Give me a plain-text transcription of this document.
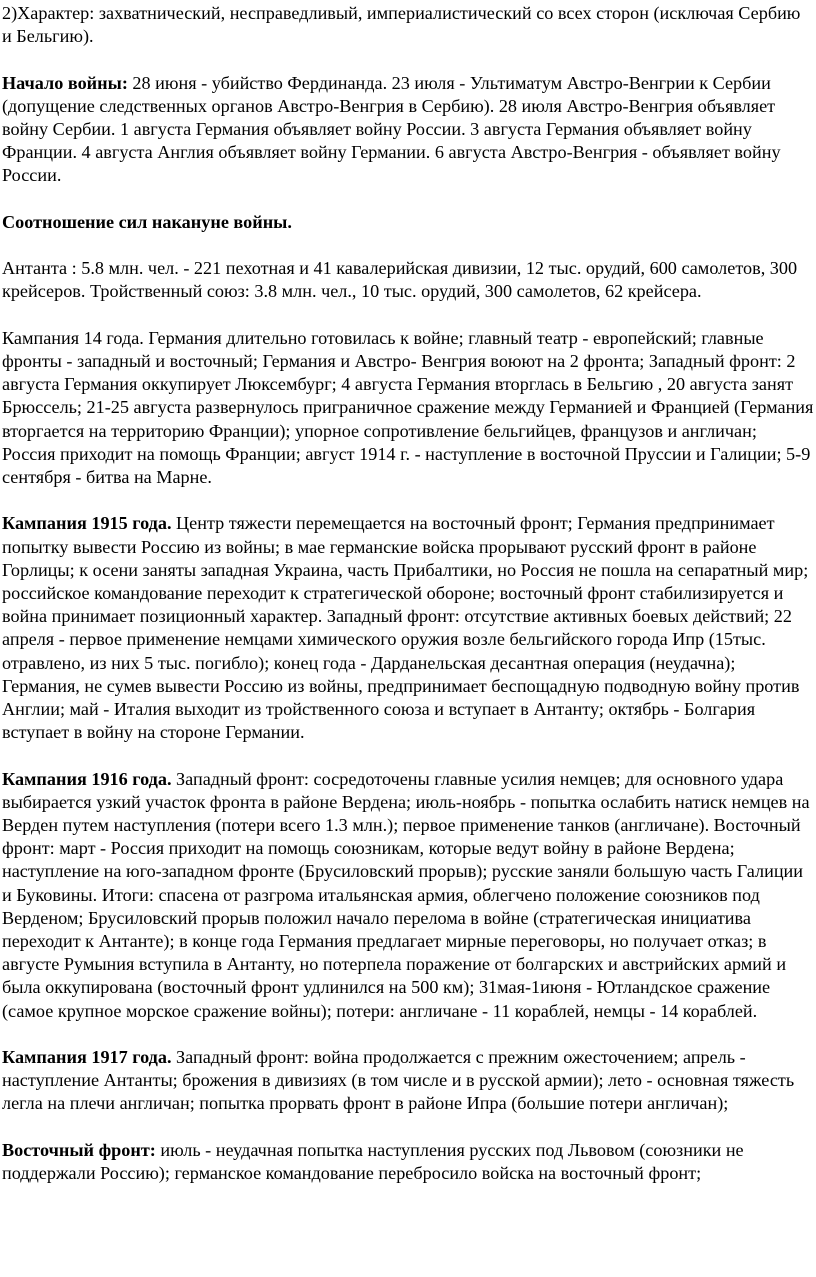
2)Характер: захватнический, несправедливый, империалистический со всех сторон (исключая Сербию и Бельгию).

Начало войны: 28 июня - убийство Фердинанда. 23 июля - Ультиматум Австро-Венгрии к Сербии (допущение следственных органов Австро-Венгрия в Сербию). 28 июля Австро-Венгрия объявляет войну Сербии. 1 августа Германия объявляет войну России. 3 августа Германия объявляет войну Франции. 4 августа Англия объявляет войну Германии. 6 августа Австро-Венгрия - объявляет войну России.

Соотношение сил накануне войны.

Антанта : 5.8 млн. чел. - 221 пехотная и 41 кавалерийская дивизии, 12 тыс. орудий, 600 самолетов, 300 крейсеров. Тройственный союз: 3.8 млн. чел., 10 тыс. орудий, 300 самолетов, 62 крейсера.

Кампания 14 года. Германия длительно готовилась к войне; главный театр - европейский; главные фронты - западный и восточный; Германия и Австро- Венгрия воюют на 2 фронта; Западный фронт: 2 августа Германия оккупирует Люксембург; 4 августа Германия вторглась в Бельгию , 20 августа занят Брюссель; 21-25 августа развернулось приграничное сражение между Германией и Францией (Германия вторгается на территорию Франции); упорное сопротивление бельгийцев, французов и англичан; Россия приходит на помощь Франции; август 1914 г. - наступление в восточной Пруссии и Галиции; 5-9 сентября - битва на Марне.

Кампания 1915 года. Центр тяжести перемещается на восточный фронт; Германия предпринимает попытку вывести Россию из войны; в мае германские войска прорывают русский фронт в районе Горлицы; к осени заняты западная Украина, часть Прибалтики, но Россия не пошла на сепаратный мир; российское командование переходит к стратегической обороне; восточный фронт стабилизируется и война принимает позиционный характер. Западный фронт: отсутствие активных боевых действий; 22 апреля - первое применение немцами химического оружия возле бельгийского города Ипр (15тыс. отравлено, из них 5 тыс. погибло); конец года - Дарданельская десантная операция (неудачна); Германия, не сумев вывести Россию из войны, предпринимает беспощадную подводную войну против Англии; май - Италия выходит из тройственного союза и вступает в Антанту; октябрь - Болгария вступает в войну на стороне Германии.

Кампания 1916 года. Западный фронт: сосредоточены главные усилия немцев; для основного удара выбирается узкий участок фронта в районе Вердена; июль-ноябрь - попытка ослабить натиск немцев на Верден путем наступления (потери всего 1.3 млн.); первое применение танков (англичане). Восточный фронт: март - Россия приходит на помощь союзникам, которые ведут войну в районе Вердена; наступление на юго-западном фронте (Брусиловский прорыв); русские заняли большую часть Галиции и Буковины. Итоги: спасена от разгрома итальянская армия, облегчено положение союзников под Верденом; Брусиловский прорыв положил начало перелома в войне (стратегическая инициатива переходит к Антанте); в конце года Германия предлагает мирные переговоры, но получает отказ; в августе Румыния вступила в Антанту, но потерпела поражение от болгарских и австрийских армий и была оккупирована (восточный фронт удлинился на 500 км); 31мая-1июня - Ютландское сражение (самое крупное морское сражение войны); потери: англичане - 11 кораблей, немцы - 14 кораблей.

Кампания 1917 года. Западный фронт: война продолжается с прежним ожесточением; апрель - наступление Антанты; брожения в дивизиях (в том числе и в русской армии); лето - основная тяжесть легла на плечи англичан; попытка прорвать фронт в районе Ипра (большие потери англичан);

Восточный фронт: июль - неудачная попытка наступления русских под Львовом (союзники не поддержали Россию); германское командование перебросило войска на восточный фронт;
